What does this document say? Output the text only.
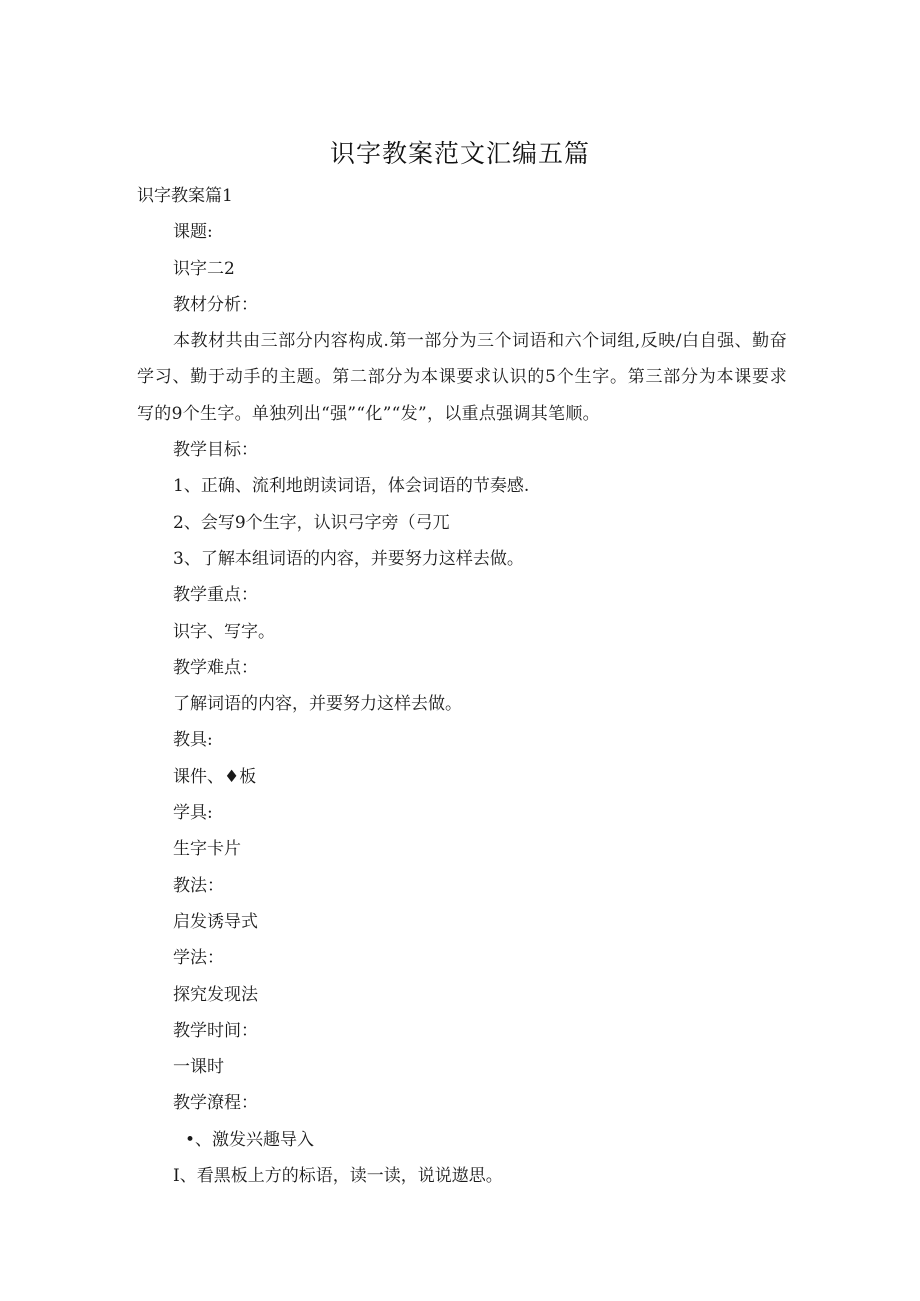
识字教案范文汇编五篇

识字教案篇1

课题:

识字二2

教材分析：

本教材共由三部分内容构成.第一部分为三个词语和六个词组,反映/白自强、勤奋学习、勤于动手的主题。第二部分为本课要求认识的5个生字。第三部分为本课要求写的9个生字。单独列出“强”“化”“发”，以重点强调其笔顺。

教学目标：

1、正确、流利地朗读词语，体会词语的节奏感.

2、会写9个生字，认识弓字旁（弓兀

3、了解本组词语的内容，并要努力这样去做。

教学重点：

识字、写字。

教学难点：

了解词语的内容，并要努力这样去做。

教具:

课件、♦板

学具:

生字卡片

教法：

启发诱导式

学法：

探究发现法

教学时间：

一课时

教学潦程：

•、激发兴趣导入

I、看黑板上方的标语，读一读，说说遨思。
